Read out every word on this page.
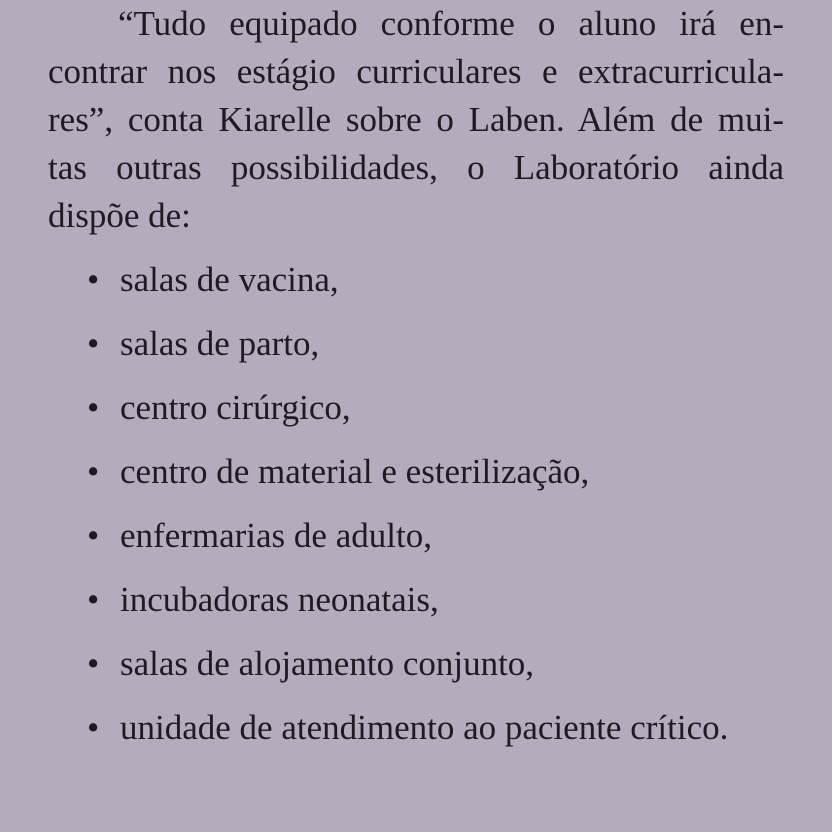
“Tudo equipado conforme o aluno irá en-
contrar nos estágio curriculares e extracurricula-
res”, conta Kiarelle sobre o Laben. Além de mui-
tas outras possibilidades, o Laboratório ainda
dispõe de:

• salas de vacina,
• salas de parto,
• centro cirúrgico,
• centro de material e esterilização,
• enfermarias de adulto,
• incubadoras neonatais,
• salas de alojamento conjunto,
• unidade de atendimento ao paciente crítico.
